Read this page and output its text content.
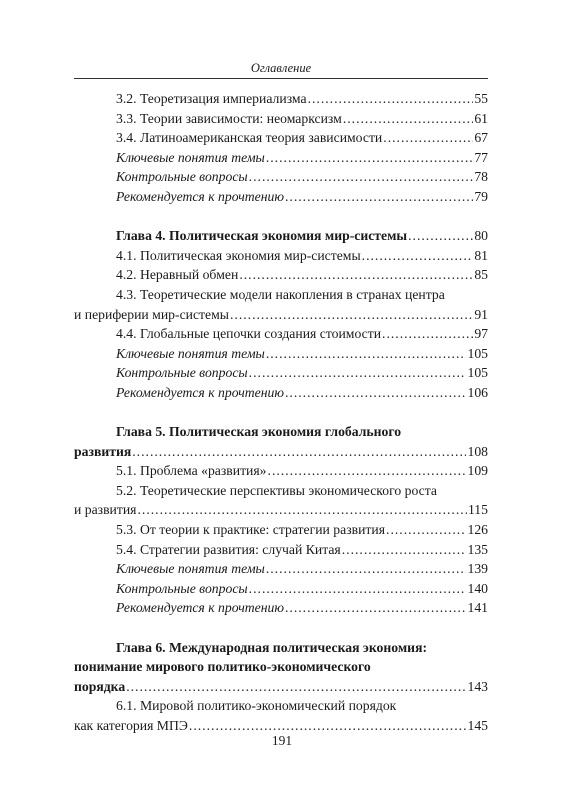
Оглавление
3.2. Теоретизация империализма .....	55
3.3. Теории зависимости: неомарксизм .....	61
3.4. Латиноамериканская теория зависимости .....	67
Ключевые понятия темы .....	77
Контрольные вопросы .....	78
Рекомендуется к прочтению .....	79
Глава 4. Политическая экономия мир-системы .....	80
4.1. Политическая экономия мир-системы .....	81
4.2. Неравный обмен .....	85
4.3. Теоретические модели накопления в странах центра
и периферии мир-системы .....	91
4.4. Глобальные цепочки создания стоимости .....	97
Ключевые понятия темы .....	105
Контрольные вопросы .....	105
Рекомендуется к прочтению .....	106
Глава 5. Политическая экономия глобального
развития .....	108
5.1. Проблема «развития» .....	109
5.2. Теоретические перспективы экономического роста
и развития .....	115
5.3. От теории к практике: стратегии развития .....	126
5.4. Стратегии развития: случай Китая .....	135
Ключевые понятия темы .....	139
Контрольные вопросы .....	140
Рекомендуется к прочтению .....	141
Глава 6. Международная политическая экономия:
понимание мирового политико-экономического
порядка .....	143
6.1. Мировой политико-экономический порядок
как категория МПЭ .....	145
191
